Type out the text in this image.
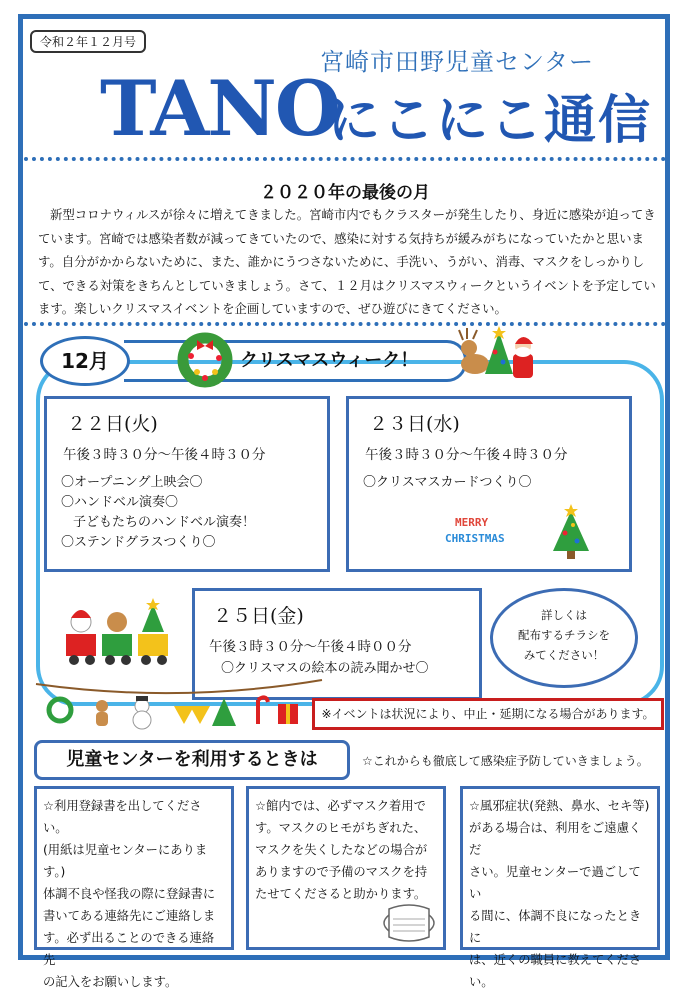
令和２年１２月号
宮崎市田野児童センター
TANO
にこにこ通信
２０２０年の最後の月
新型コロナウィルスが徐々に増えてきました。宮崎市内でもクラスターが発生したり、身近に感染が迫ってきています。宮崎では感染者数が減ってきていたので、感染に対する気持ちが緩みがちになっていたかと思います。自分がかからないために、また、誰かにうつさないために、手洗い、うがい、消毒、マスクをしっかりして、できる対策をきちんとしていきましょう。さて、１２月はクリスマスウィークというイベントを予定しています。楽しいクリスマスイベントを企画していますので、ぜひ遊びにきてください。
12月	クリスマスウィーク！
２２日(火)
午後３時３０分～午後４時３０分
〇オープニング上映会〇
〇ハンドベル演奏〇
子どもたちのハンドベル演奏！
〇ステンドグラスつくり〇
２３日(水)
午後３時３０分～午後４時３０分
〇クリスマスカードつくり〇
MERRY
CHRISTMAS
２５日(金)
午後３時３０分～午後４時００分
〇クリスマスの絵本の読み聞かせ〇
詳しくは
配布するチラシを
みてください！
※イベントは状況により、中止・延期になる場合があります。
児童センターを利用するときは	☆これからも徹底して感染症予防していきましょう。
☆利用登録書を出してください。
(用紙は児童センターにあります。)
体調不良や怪我の際に登録書に
書いてある連絡先にご連絡しま
す。必ず出ることのできる連絡先
の記入をお願いします。
☆館内では、必ずマスク着用で
す。マスクのヒモがちぎれた、
マスクを失くしたなどの場合が
ありますので予備のマスクを持
たせてくださると助かります。
☆風邪症状(発熱、鼻水、セキ等)
がある場合は、利用をご遠慮くだ
さい。児童センターで過ごしてい
る間に、体調不良になったときに
は、近くの職員に教えてくださ
い。
